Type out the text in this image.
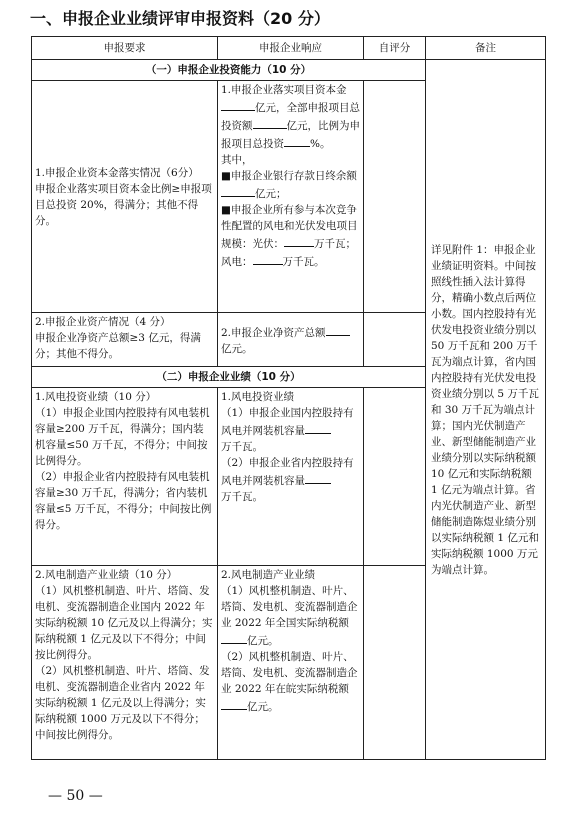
一、申报企业业绩评审申报资料（20 分）
申报要求	申报企业响应	自评分	备注
（一）申报企业投资能力（10 分）			详见附件 1：申报企业业绩证明资料。中间按照线性插入法计算得分，精确小数点后两位小数。国内控股持有光伏发电投资业绩分别以 50 万千瓦和 200 万千瓦为端点计算，省内国内控股持有光伏发电投资业绩分别以 5 万千瓦和 30 万千瓦为端点计算；国内光伏制造产业、新型储能制造产业业绩分别以实际纳税额 10 亿元和实际纳税额 1 亿元为端点计算。省内光伏制造产业、新型储能制造陈煜业绩分别以实际纳税额 1 亿元和实际纳税额 1000 万元为端点计算。

1.申报企业资本金落实情况（6分）
申报企业落实项目资本金比例≥申报项目总投资 20%，得满分；其他不得分。	1.申报企业落实项目资本金
亿元，全部申报项目总投资额 亿元，比例为申报项目总投资 %。
其中，
■申报企业银行存款日终余额亿元；
■申报企业所有参与本次竞争性配置的风电和光伏发电项目规模：光伏： 万千瓦；风电： 万千瓦。		

2.申报企业资产情况（4 分）
申报企业净资产总额≥3 亿元，得满分；其他不得分。	2.申报企业净资产总额亿元。		
（二）申报企业业绩（10 分）			

1.风电投资业绩（10 分）
（1）申报企业国内控股持有风电装机容量≥200 万千瓦，得满分；国内装机容量≤50 万千瓦，不得分；中间按比例得分。
（2）申报企业省内控股持有风电装机容量≥30 万千瓦，得满分；省内装机容量≤5 万千瓦，不得分；中间按比例得分。	1.风电投资业绩
（1）申报企业国内控股持有风电并网装机容量
万千瓦。
（2）申报企业省内控股持有风电并网装机容量
万千瓦。		

2.风电制造产业业绩（10 分）
（1）风机整机制造、叶片、塔筒、发电机、变流器制造企业国内 2022 年实际纳税额 10 亿元及以上得满分；实际纳税额 1 亿元及以下不得分；中间按比例得分。
（2）风机整机制造、叶片、塔筒、发电机、变流器制造企业省内 2022 年实际纳税额 1 亿元及以上得满分；实际纳税额 1000 万元及以下不得分；中间按比例得分。	2.风电制造产业业绩
（1）风机整机制造、叶片、塔筒、发电机、变流器制造企业 2022 年全国实际纳税额
亿元。

（2）风机整机制造、叶片、塔筒、发电机、变流器制造企业 2022 年在皖实际纳税额
亿元。		
— 50 —
